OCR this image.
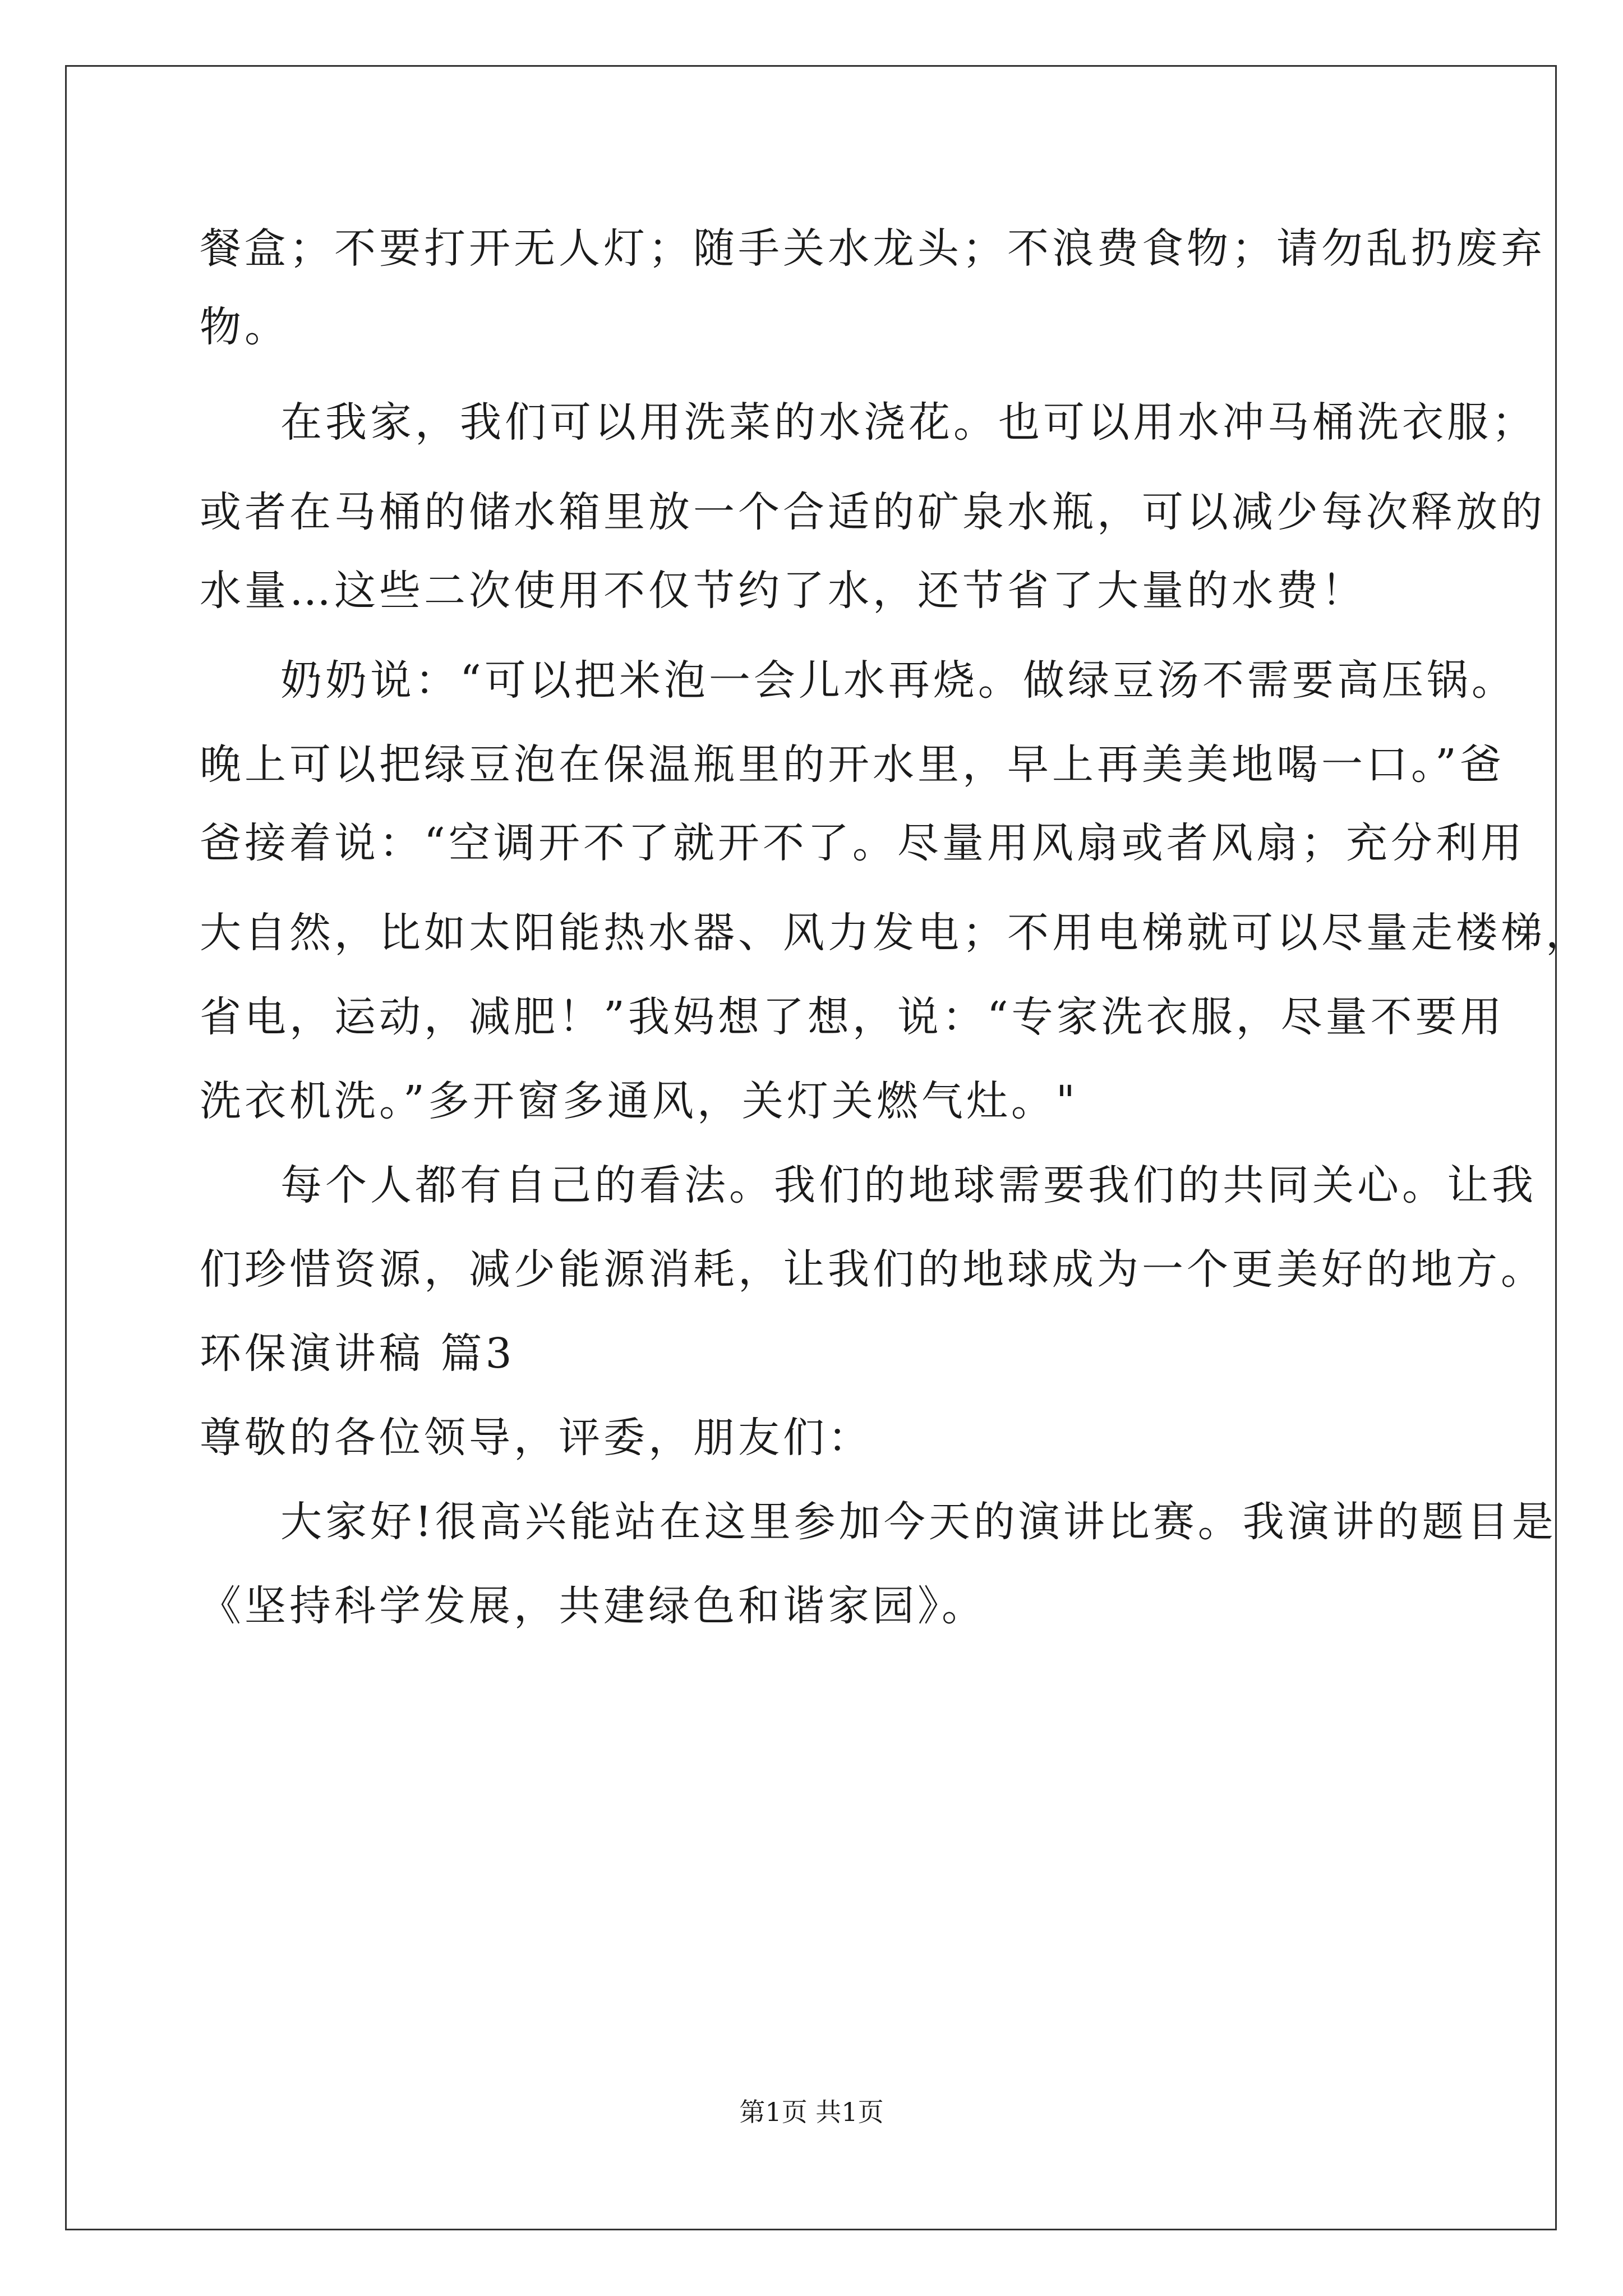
餐盒；不要打开无人灯；随手关水龙头；不浪费食物；请勿乱扔废弃
物。
在我家，我们可以用洗菜的水浇花。也可以用水冲马桶洗衣服；
或者在马桶的储水箱里放一个合适的矿泉水瓶，可以减少每次释放的
水量…这些二次使用不仅节约了水，还节省了大量的水费！
奶奶说：“可以把米泡一会儿水再烧。做绿豆汤不需要高压锅。
晚上可以把绿豆泡在保温瓶里的开水里，早上再美美地喝一口。”爸
爸接着说：“空调开不了就开不了。尽量用风扇或者风扇；充分利用
大自然，比如太阳能热水器、风力发电；不用电梯就可以尽量走楼梯，
省电，运动，减肥！”我妈想了想，说：“专家洗衣服，尽量不要用
洗衣机洗。”多开窗多通风，关灯关燃气灶。"
每个人都有自己的看法。我们的地球需要我们的共同关心。让我
们珍惜资源，减少能源消耗，让我们的地球成为一个更美好的地方。
环保演讲稿 篇3
尊敬的各位领导，评委，朋友们：
大家好!很高兴能站在这里参加今天的演讲比赛。我演讲的题目是
《坚持科学发展，共建绿色和谐家园》。
第1页 共1页
